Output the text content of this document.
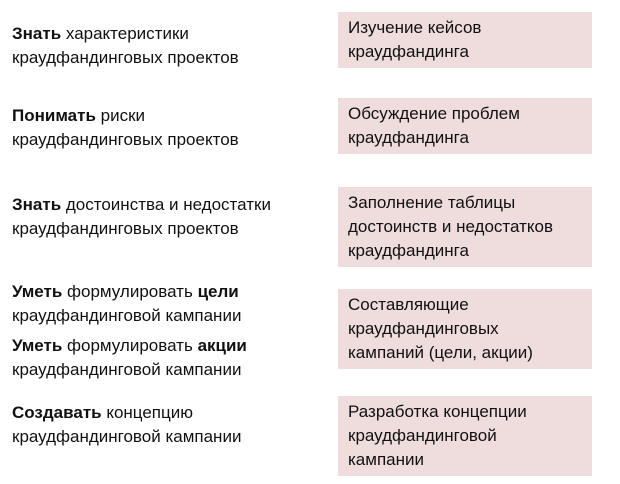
Знать характеристики
краудфандинговых проектов
Изучение кейсов
краудфандинга
Понимать риски
краудфандинговых проектов
Обсуждение проблем
краудфандинга
Знать достоинства и недостатки
краудфандинговых проектов
Заполнение таблицы
достоинств и недостатков
краудфандинга
Уметь формулировать цели
краудфандинговой кампании
Уметь формулировать акции
краудфандинговой кампании
Составляющие
краудфандинговых
кампаний (цели, акции)
Создавать концепцию
краудфандинговой кампании
Разработка концепции
краудфандинговой
кампании
